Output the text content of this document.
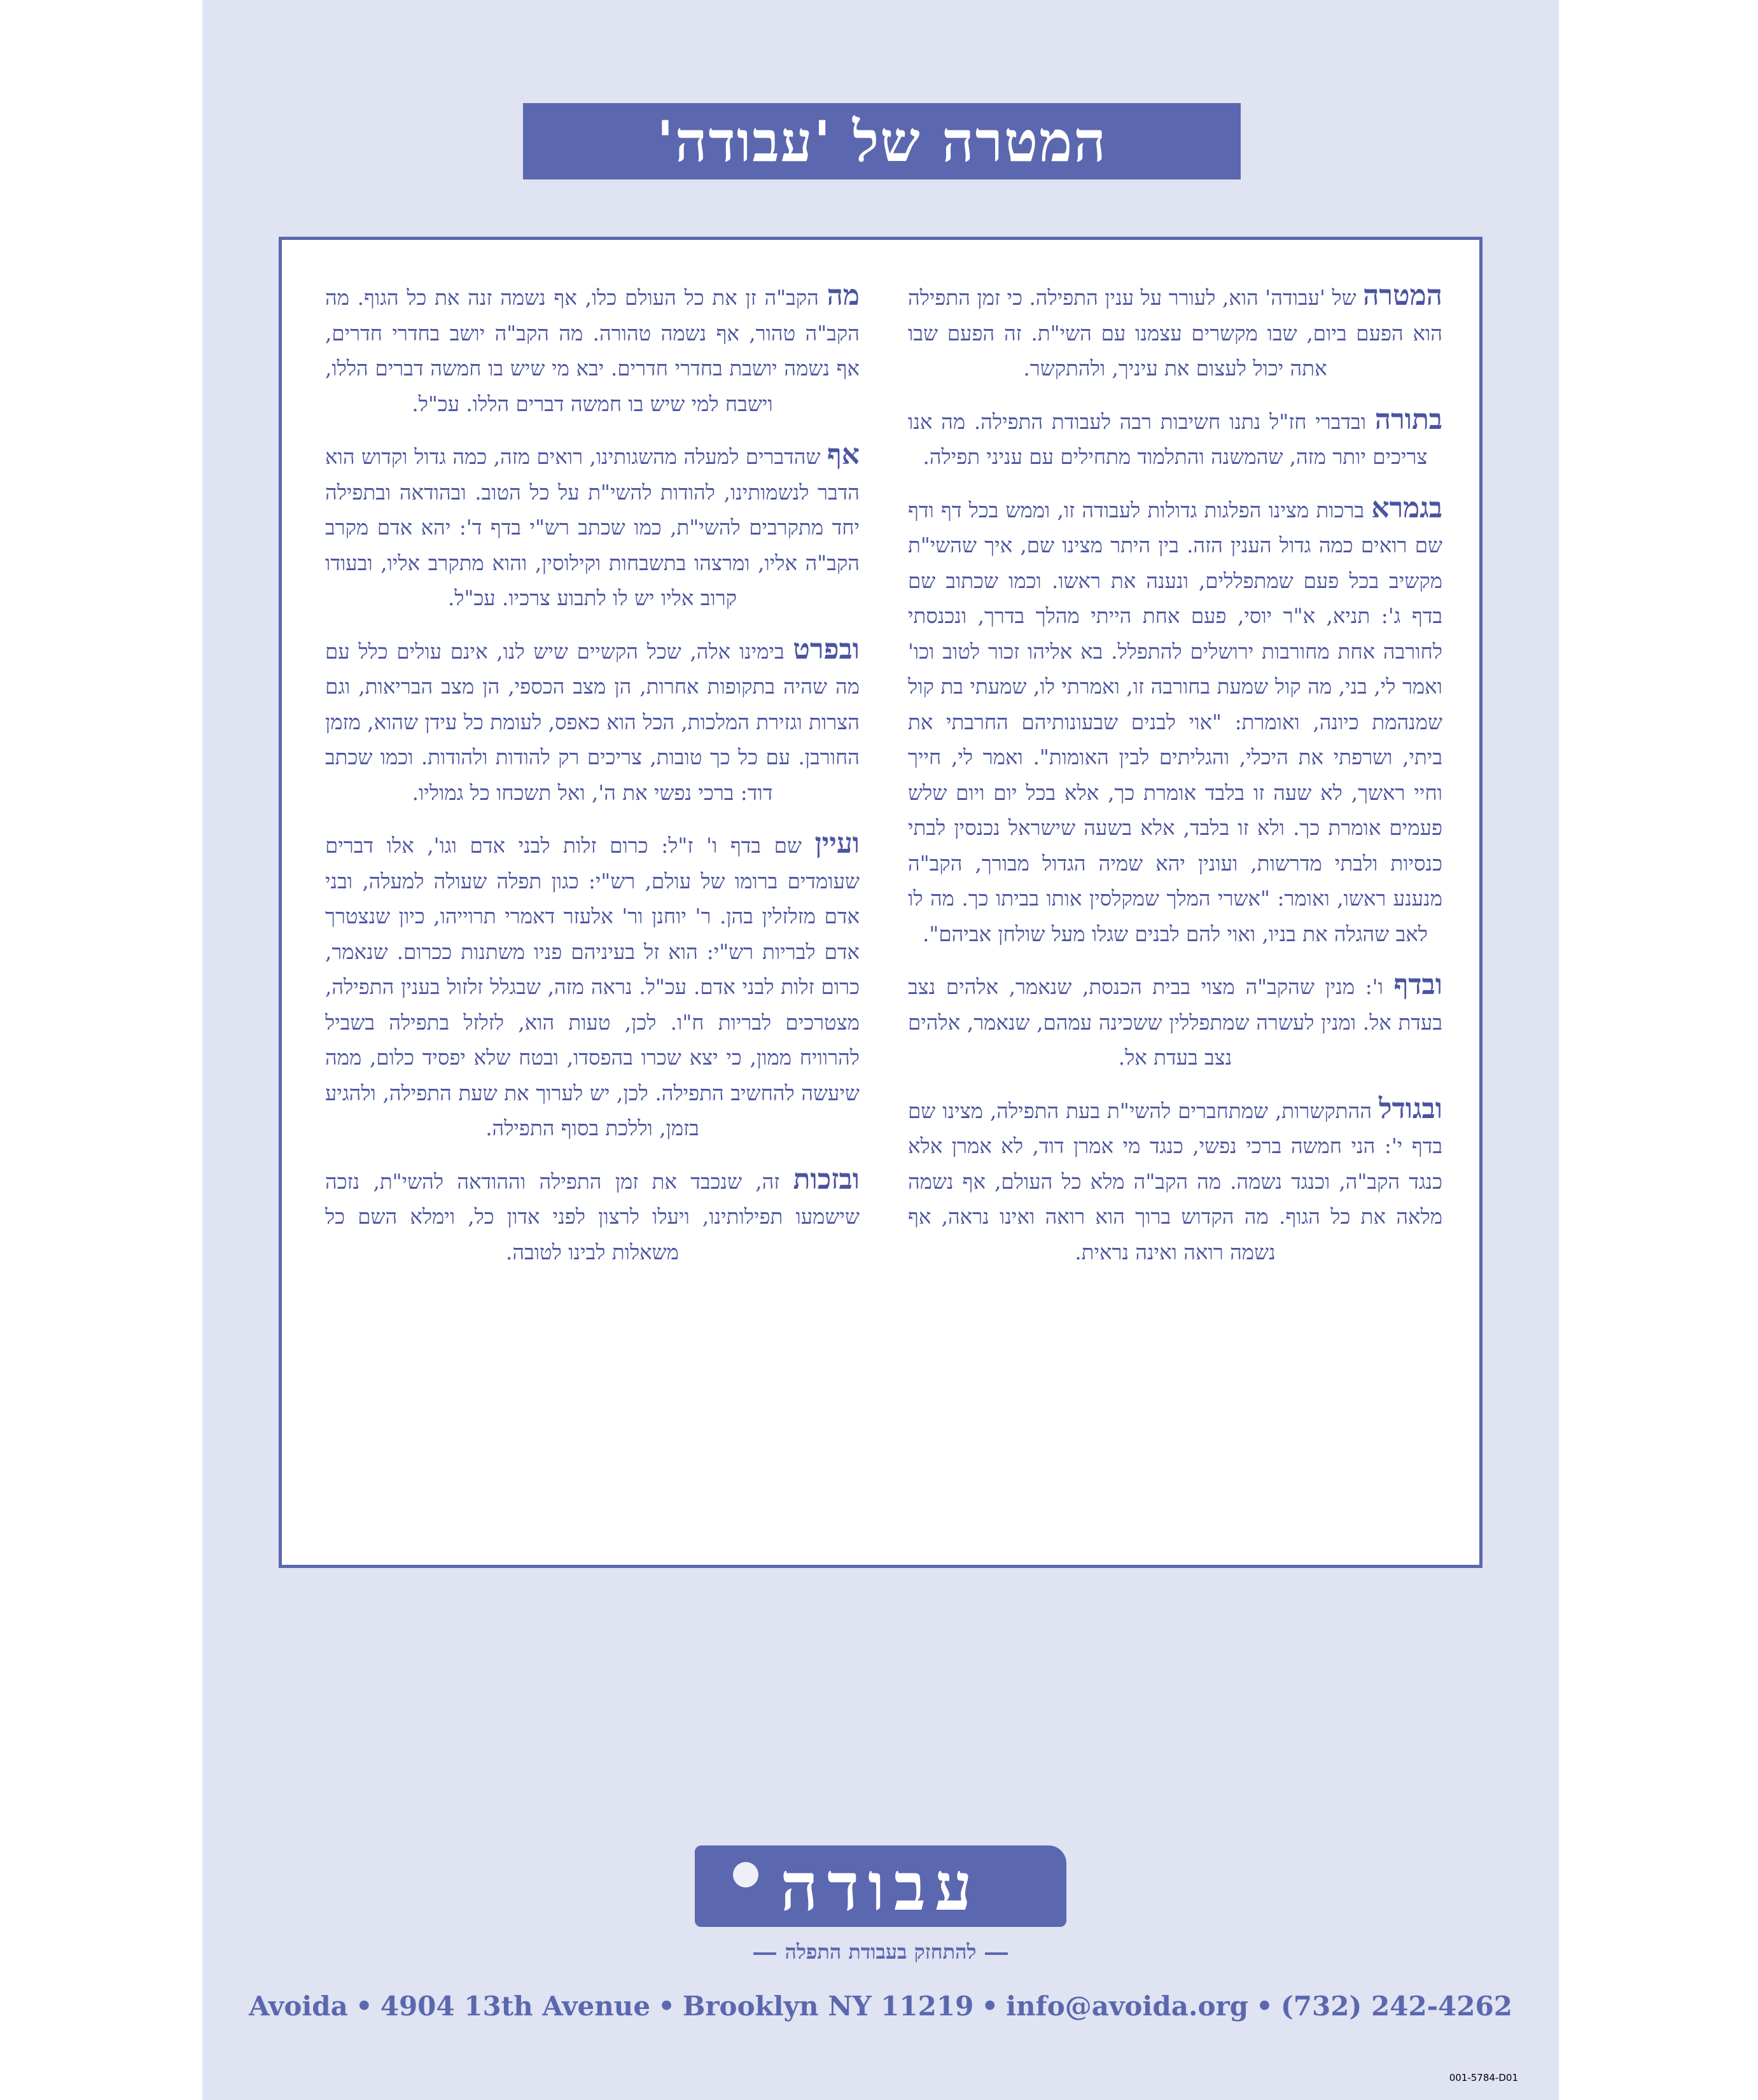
המטרה של 'עבודה'

המטרה של 'עבודה' הוא, לעורר על ענין התפילה. כי זמן התפילה הוא הפעם ביום, שבו מקשרים עצמנו עם השי"ת. זה הפעם שבו אתה יכול לעצום את עיניך, ולהתקשר.

בתורה ובדברי חז"ל נתנו חשיבות רבה לעבודת התפילה. מה אנו צריכים יותר מזה, שהמשנה והתלמוד מתחילים עם עניני תפילה.

בגמרא ברכות מצינו הפלגות גדולות לעבודה זו, וממש בכל דף ודף שם רואים כמה גדול הענין הזה. בין היתר מצינו שם, איך שהשי"ת מקשיב בכל פעם שמתפללים, ונענה את ראשו. וכמו שכתוב שם בדף ג': תניא, א"ר יוסי, פעם אחת הייתי מהלך בדרך, ונכנסתי לחורבה אחת מחורבות ירושלים להתפלל. בא אליהו זכור לטוב וכו' ואמר לי, בני, מה קול שמעת בחורבה זו, ואמרתי לו, שמעתי בת קול שמנהמת כיונה, ואומרת: "אוי לבנים שבעונותיהם החרבתי את ביתי, ושרפתי את היכלי, והגליתים לבין האומות". ואמר לי, חייך וחיי ראשך, לא שעה זו בלבד אומרת כך, אלא בכל יום ויום שלש פעמים אומרת כך. ולא זו בלבד, אלא בשעה שישראל נכנסין לבתי כנסיות ולבתי מדרשות, ועונין יהא שמיה הגדול מבורך, הקב"ה מנענע ראשו, ואומר: "אשרי המלך שמקלסין אותו בביתו כך. מה לו לאב שהגלה את בניו, ואוי להם לבנים שגלו מעל שולחן אביהם".

ובדף ו': מנין שהקב"ה מצוי בבית הכנסת, שנאמר, אלהים נצב בעדת אל. ומנין לעשרה שמתפללין ששכינה עמהם, שנאמר, אלהים נצב בעדת אל.

ובגודל ההתקשרות, שמתחברים להשי"ת בעת התפילה, מצינו שם בדף י': הני חמשה ברכי נפשי, כנגד מי אמרן דוד, לא אמרן אלא כנגד הקב"ה, וכנגד נשמה. מה הקב"ה מלא כל העולם, אף נשמה מלאה את כל הגוף. מה הקדוש ברוך הוא רואה ואינו נראה, אף נשמה רואה ואינה נראית.

מה הקב"ה זן את כל העולם כלו, אף נשמה זנה את כל הגוף. מה הקב"ה טהור, אף נשמה טהורה. מה הקב"ה יושב בחדרי חדרים, אף נשמה יושבת בחדרי חדרים. יבא מי שיש בו חמשה דברים הללו, וישבח למי שיש בו חמשה דברים הללו. עכ"ל.

אף שהדברים למעלה מהשגותינו, רואים מזה, כמה גדול וקדוש הוא הדבר לנשמותינו, להודות להשי"ת על כל הטוב. ובהודאה ובתפילה יחד מתקרבים להשי"ת, כמו שכתב רש"י בדף ד': יהא אדם מקרב הקב"ה אליו, ומרצהו בתשבחות וקילוסין, והוא מתקרב אליו, ובעודו קרוב אליו יש לו לתבוע צרכיו. עכ"ל.

ובפרט בימינו אלה, שכל הקשיים שיש לנו, אינם עולים כלל עם מה שהיה בתקופות אחרות, הן מצב הכספי, הן מצב הבריאות, וגם הצרות וגזירת המלכות, הכל הוא כאפס, לעומת כל עידן שהוא, מזמן החורבן. עם כל כך טובות, צריכים רק להודות ולהודות. וכמו שכתב דוד: ברכי נפשי את ה', ואל תשכחו כל גמוליו.

ועיין שם בדף ו' ז"ל: כרום זלות לבני אדם וגו', אלו דברים שעומדים ברומו של עולם, רש"י: כגון תפלה שעולה למעלה, ובני אדם מזלזלין בהן. ר' יוחנן ור' אלעזר דאמרי תרוייהו, כיון שנצטרך אדם לבריות רש"י: הוא זל בעיניהם פניו משתנות ככרום. שנאמר, כרום זלות לבני אדם. עכ"ל. נראה מזה, שבגלל זלזול בענין התפילה, מצטרכים לבריות ח"ו. לכן, טעות הוא, לזלזל בתפילה בשביל להרוויח ממון, כי יצא שכרו בהפסדו, ובטח שלא יפסיד כלום, ממה שיעשה להחשיב התפילה. לכן, יש לערוך את שעת התפילה, ולהגיע בזמן, וללכת בסוף התפילה.

ובזכות זה, שנכבד את זמן התפילה וההודאה להשי"ת, נזכה שישמעו תפילותינו, ויעלו לרצון לפני אדון כל, וימלא השם כל משאלות לבינו לטובה.

עבודה
להתחזק בעבודת התפלה
Avoida • 4904 13th Avenue • Brooklyn NY 11219 • info@avoida.org • (732) 242-4262
001-5784-D01
